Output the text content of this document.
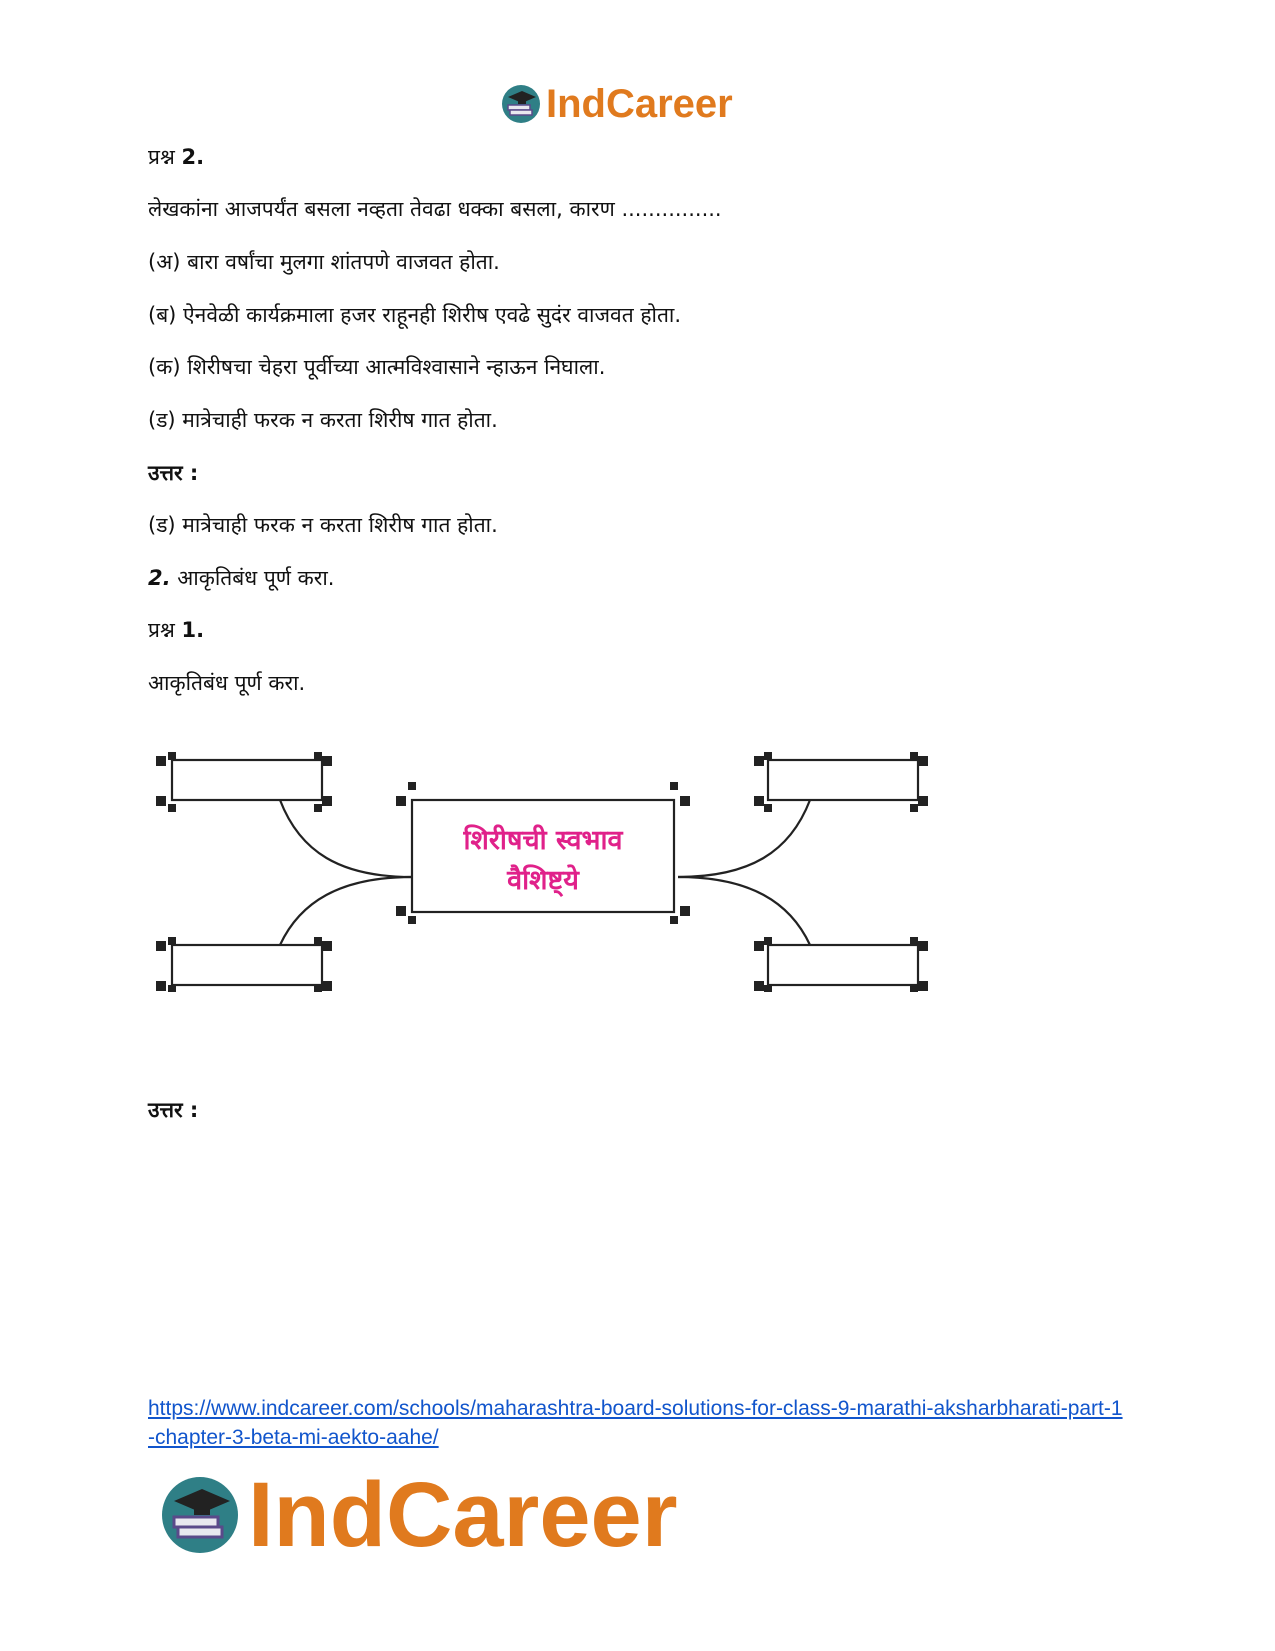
IndCareer
प्रश्न 2.
लेखकांना आजपर्यंत बसला नव्हता तेवढा धक्का बसला, कारण ...............
(अ) बारा वर्षांचा मुलगा शांतपणे वाजवत होता.
(ब) ऐनवेळी कार्यक्रमाला हजर राहूनही शिरीष एवढे सुदंर वाजवत होता.
(क) शिरीषचा चेहरा पूर्वीच्या आत्मविश्वासाने न्हाऊन निघाला.
(ड) मात्रेचाही फरक न करता शिरीष गात होता.
उत्तर :
(ड) मात्रेचाही फरक न करता शिरीष गात होता.
2. आकृतिबंध पूर्ण करा.
प्रश्न 1.
आकृतिबंध पूर्ण करा.
शिरीषची स्वभाव
वैशिष्ट्ये
उत्तर :
https://www.indcareer.com/schools/maharashtra-board-solutions-for-class-9-marathi-aksharbharati-part-1-chapter-3-beta-mi-aekto-aahe/
IndCareer
